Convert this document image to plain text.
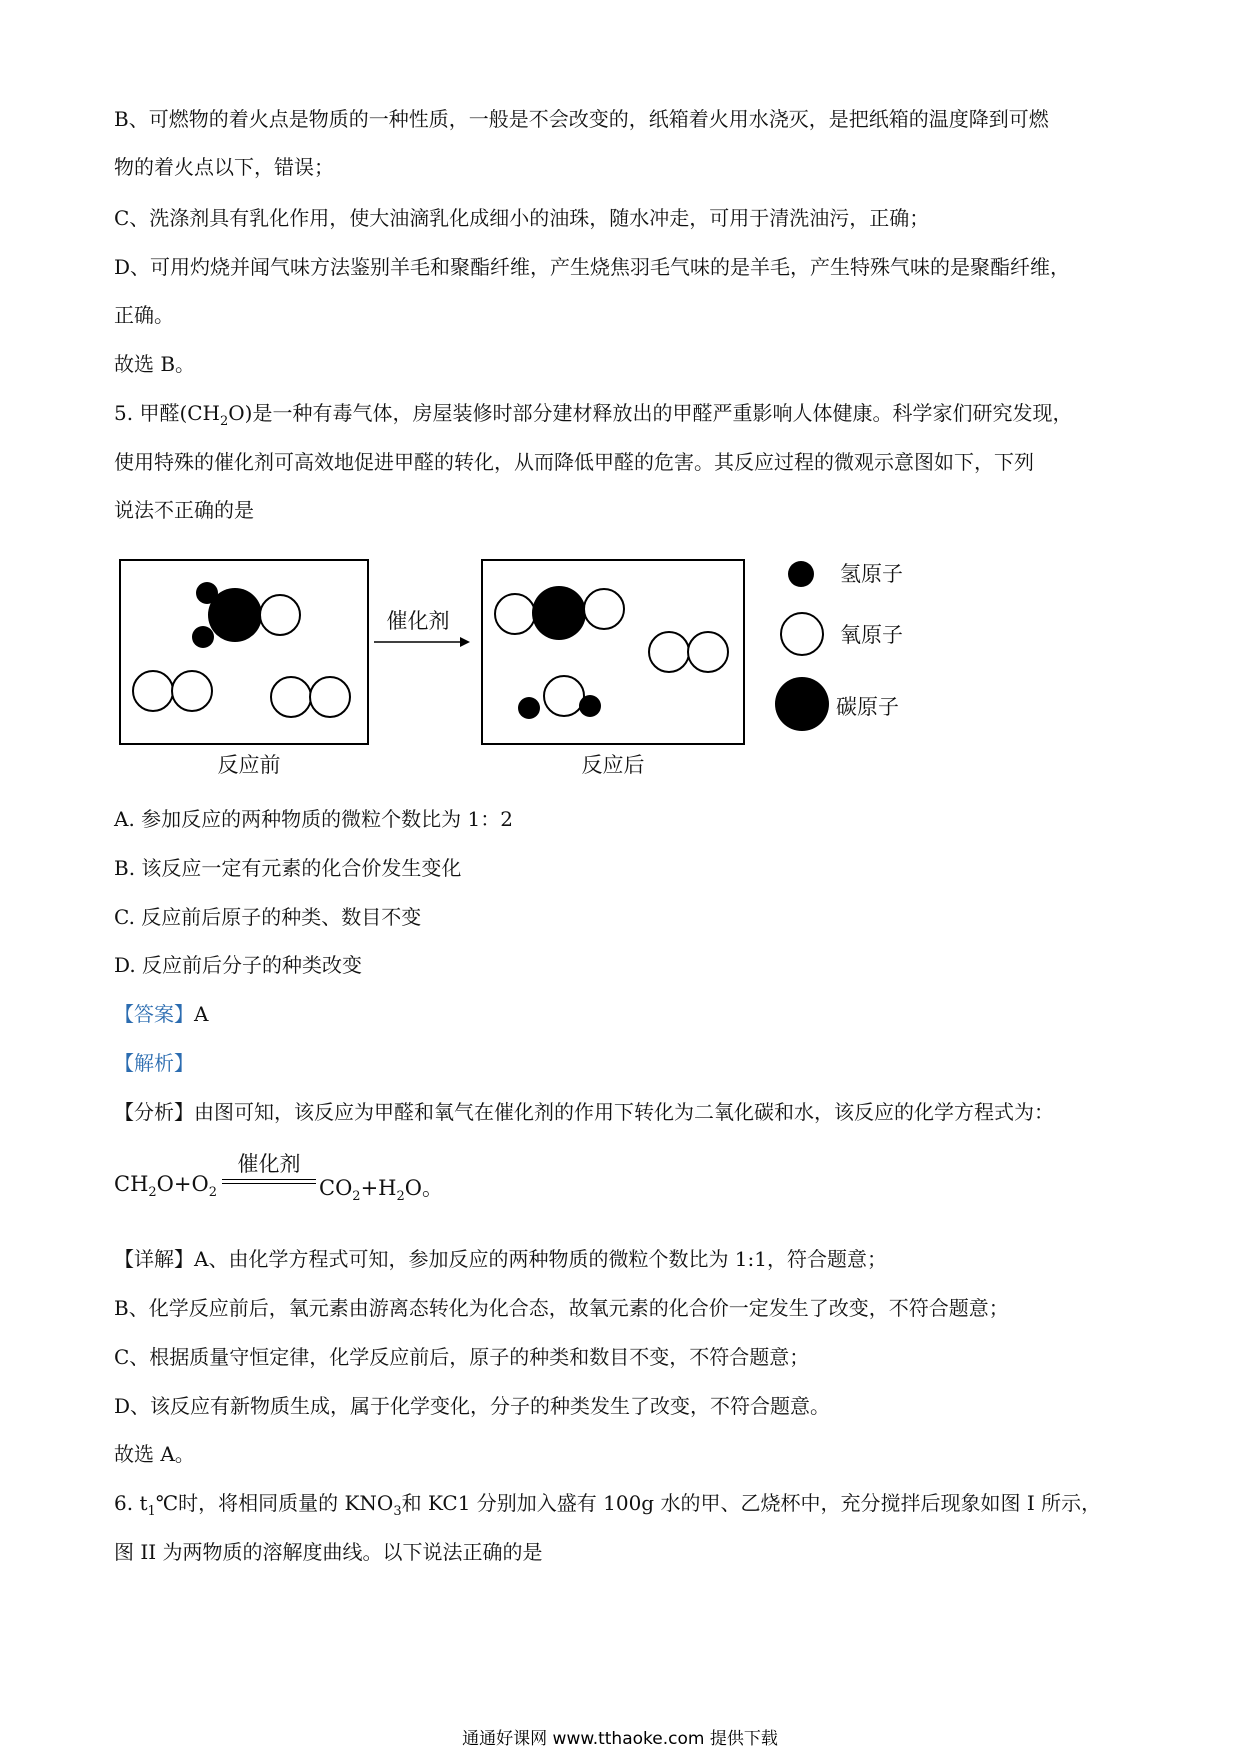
B、可燃物的着火点是物质的一种性质，一般是不会改变的，纸箱着火用水浇灭，是把纸箱的温度降到可燃

物的着火点以下，错误；

C、洗涤剂具有乳化作用，使大油滴乳化成细小的油珠，随水冲走，可用于清洗油污，正确；

D、可用灼烧并闻气味方法鉴别羊毛和聚酯纤维，产生烧焦羽毛气味的是羊毛，产生特殊气味的是聚酯纤维，

正确。

故选 B。

5. 甲醛$(CH_2O)$是一种有毒气体，房屋装修时部分建材释放出的甲醛严重影响人体健康。科学家们研究发现，

使用特殊的催化剂可高效地促进甲醛的转化，从而降低甲醛的危害。其反应过程的微观示意图如下，下列

说法不正确的是

催化剂
反应前	反应后
氢原子
氧原子
碳原子

A. 参加反应的两种物质的微粒个数比为 1：2

B. 该反应一定有元素的化合价发生变化

C. 反应前后原子的种类、数目不变

D. 反应前后分子的种类改变

【答案】A

【解析】

【分析】由图可知，该反应为甲醛和氧气在催化剂的作用下转化为二氧化碳和水，该反应的化学方程式为：

$CH_2O+O_2$
催化剂
$CO_2+H_2O$。

【详解】A、由化学方程式可知，参加反应的两种物质的微粒个数比为 1:1，符合题意；

B、化学反应前后，氧元素由游离态转化为化合态，故氧元素的化合价一定发生了改变，不符合题意；

C、根据质量守恒定律，化学反应前后，原子的种类和数目不变，不符合题意；

D、该反应有新物质生成，属于化学变化，分子的种类发生了改变，不符合题意。

故选 A。

6. $t_1℃$时，将相同质量的 $KNO_3$和 KC1 分别加入盛有 100g 水的甲、乙烧杯中，充分搅拌后现象如图 I 所示，

图 II 为两物质的溶解度曲线。以下说法正确的是

通通好课网 www.tthaoke.com 提供下载
